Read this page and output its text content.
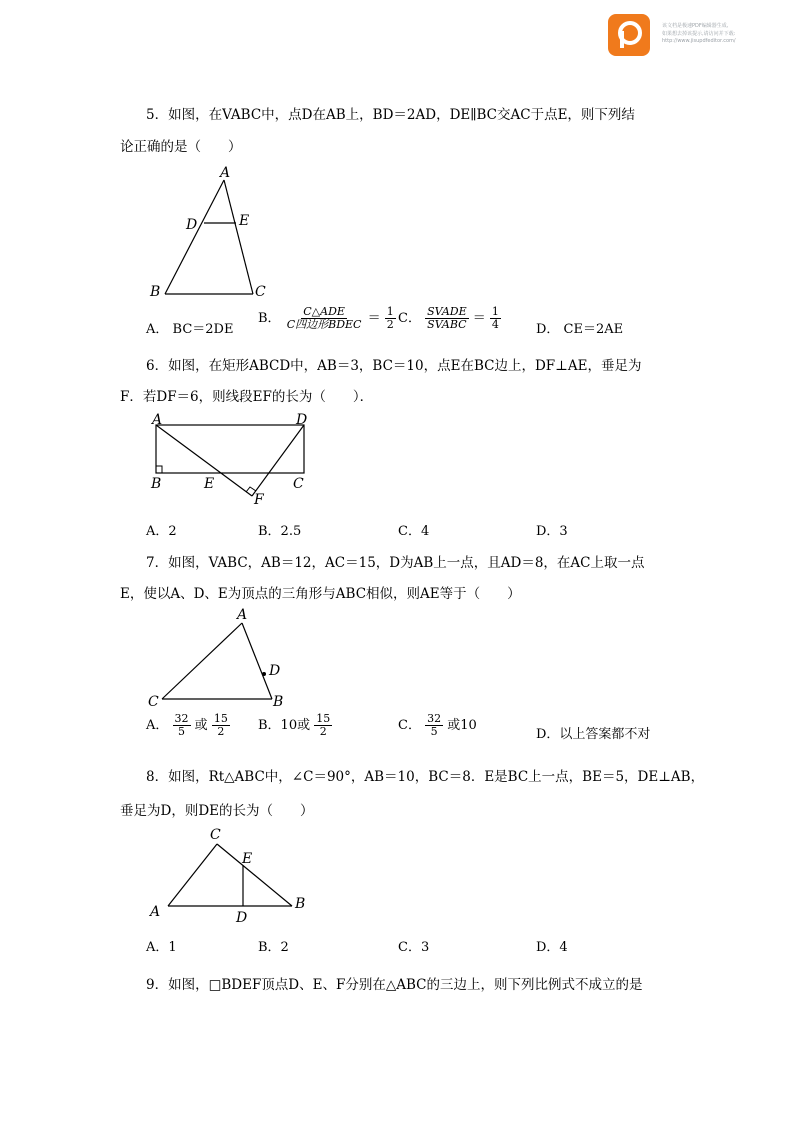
该文档是极速PDF编辑器生成,
如果想去掉该提示,请访问并下载:
http://www.jisupdfeditor.com/
5．如图，在VABC中，点D在AB上，BD＝2AD，DE∥BC交AC于点E，则下列结
论正确的是（　　）
A
D	E
B	C
A． BC＝2DE
B． $\frac{\text{C△ADE}}{\text{C四边形BDEC}} = \frac{1}{2}$ C． $\frac{\text{SVADE}}{\text{SVABC}} = \frac{1}{4}$	D． CE＝2AE
6．如图，在矩形ABCD中，AB＝3，BC＝10，点E在BC边上，DF⊥AE，垂足为
F．若DF＝6，则线段EF的长为（　　）．
A	D
B	E	C
F
A．2	B．2.5	C．4	D．3
7．如图，VABC，AB＝12，AC＝15，D为AB上一点，且AD＝8，在AC上取一点
E，使以A、D、E为顶点的三角形与ABC相似，则AE等于（　　）
A
D
C	B
A． $\frac{32}{5}$ 或 $\frac{15}{2}$ B．10或 $\frac{15}{2}$	C． $\frac{32}{5}$ 或10
D．以上答案都不对
8．如图，Rt△ABC中，∠C＝90°，AB＝10，BC＝8．E是BC上一点，BE＝5，DE⊥AB，
垂足为D，则DE的长为（　　）
C
E
A	D
B
A．1	B．2	C．3	D．4
9．如图，□BDEF顶点D、E、F分别在△ABC的三边上，则下列比例式不成立的是
